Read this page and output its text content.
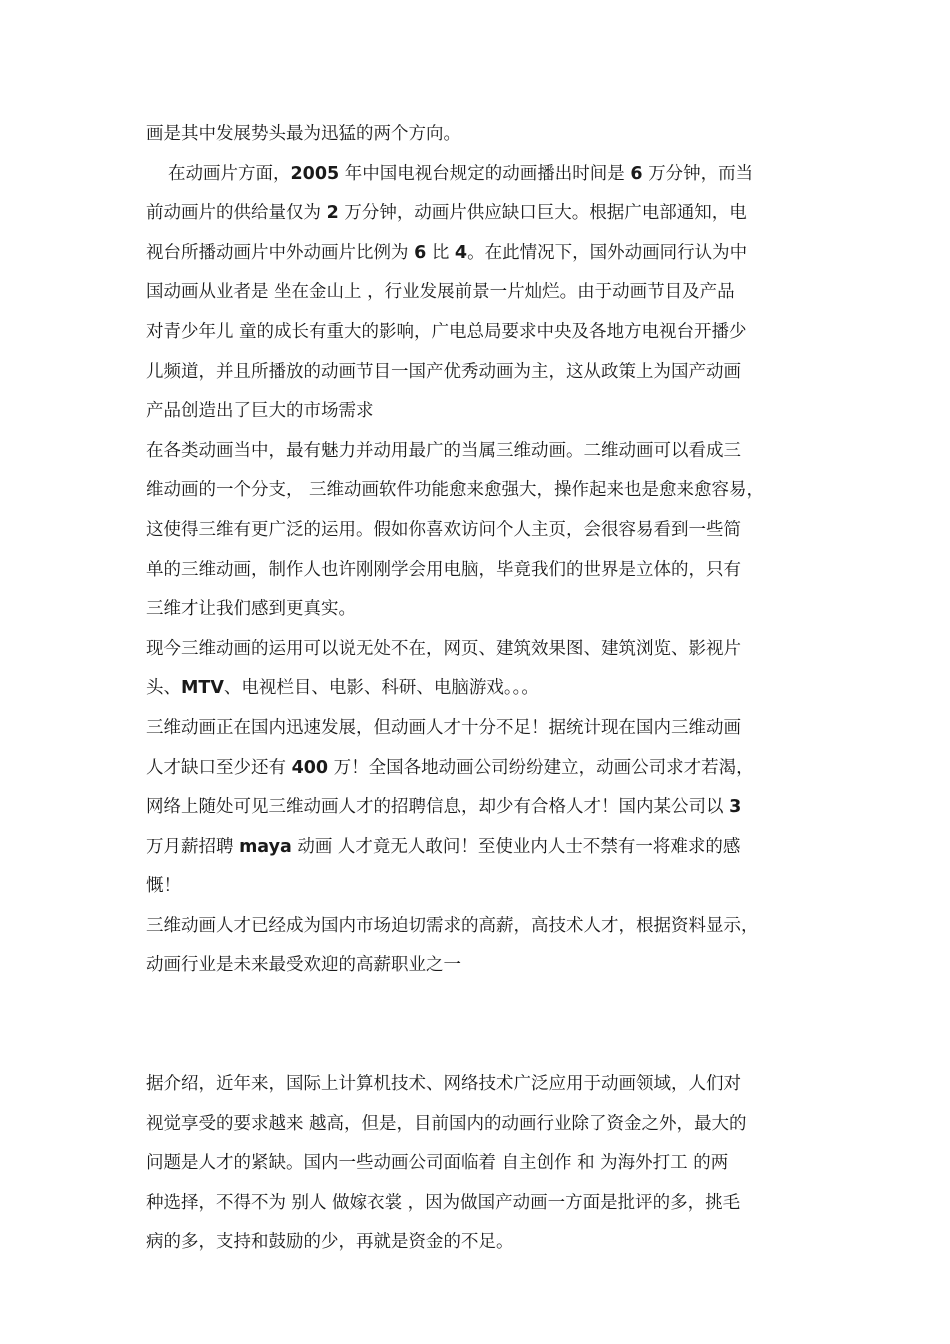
画是其中发展势头最为迅猛的两个方向。
在动画片方面，2005 年中国电视台规定的动画播出时间是 6 万分钟，而当
前动画片的供给量仅为 2 万分钟，动画片供应缺口巨大。根据广电部通知，电
视台所播动画片中外动画片比例为 6 比 4。在此情况下，国外动画同行认为中
国动画从业者是 坐在金山上 ，行业发展前景一片灿烂。由于动画节目及产品
对青少年儿 童的成长有重大的影响，广电总局要求中央及各地方电视台开播少
儿频道，并且所播放的动画节目一国产优秀动画为主，这从政策上为国产动画
产品创造出了巨大的市场需求
在各类动画当中，最有魅力并动用最广的当属三维动画。二维动画可以看成三
维动画的一个分支， 三维动画软件功能愈来愈强大，操作起来也是愈来愈容易，
这使得三维有更广泛的运用。假如你喜欢访问个人主页，会很容易看到一些简
单的三维动画，制作人也许刚刚学会用电脑，毕竟我们的世界是立体的，只有
三维才让我们感到更真实。
现今三维动画的运用可以说无处不在，网页、建筑效果图、建筑浏览、影视片
头、MTV、电视栏目、电影、科研、电脑游戏。。。
三维动画正在国内迅速发展，但动画人才十分不足！据统计现在国内三维动画
人才缺口至少还有 400 万！全国各地动画公司纷纷建立，动画公司求才若渴，
网络上随处可见三维动画人才的招聘信息，却少有合格人才！国内某公司以 3
万月薪招聘 maya 动画 人才竟无人敢问！至使业内人士不禁有一将难求的感
慨！
三维动画人才已经成为国内市场迫切需求的高薪，高技术人才，根据资料显示，
动画行业是未来最受欢迎的高薪职业之一
据介绍，近年来，国际上计算机技术、网络技术广泛应用于动画领域，人们对
视觉享受的要求越来 越高，但是，目前国内的动画行业除了资金之外，最大的
问题是人才的紧缺。国内一些动画公司面临着 自主创作 和 为海外打工 的两
种选择，不得不为 别人 做嫁衣裳 ，因为做国产动画一方面是批评的多，挑毛
病的多，支持和鼓励的少，再就是资金的不足。
